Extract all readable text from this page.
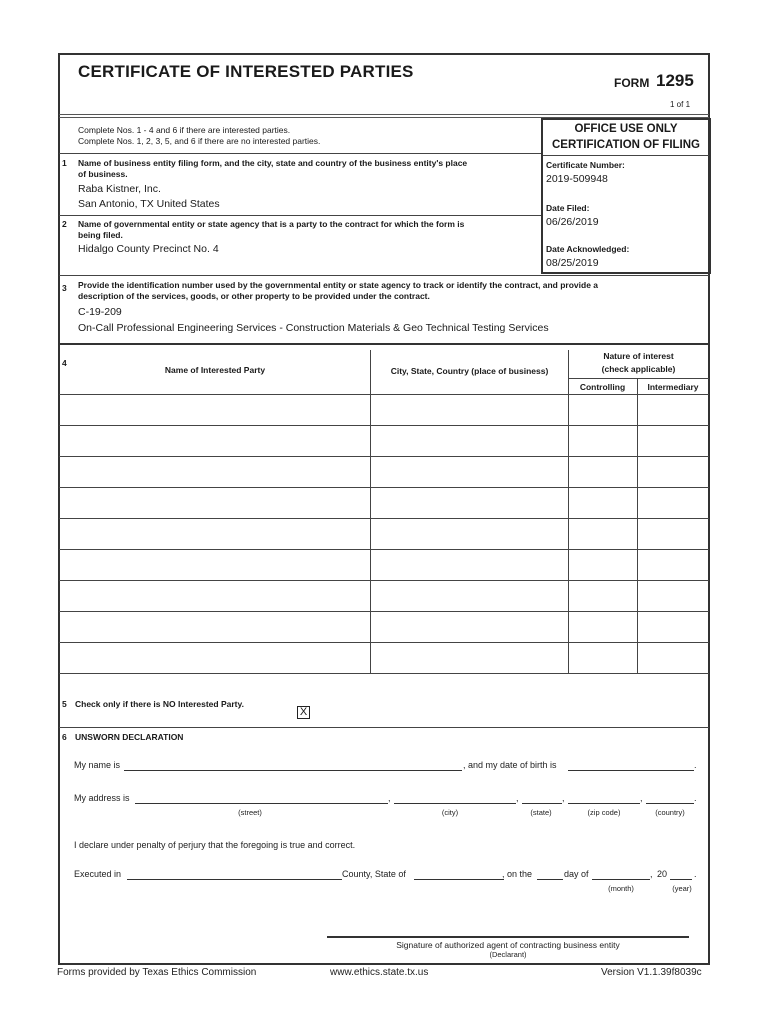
CERTIFICATE OF INTERESTED PARTIES
FORM 1295
1 of 1
Complete Nos. 1 - 4 and 6 if there are interested parties.
Complete Nos. 1, 2, 3, 5, and 6 if there are no interested parties.
OFFICE USE ONLY
CERTIFICATION OF FILING
Certificate Number:
2019-509948
Date Filed:
06/26/2019
Date Acknowledged:
08/25/2019
1 Name of business entity filing form, and the city, state and country of the business entity's place
of business.
Raba Kistner, Inc.
San Antonio, TX United States
2 Name of governmental entity or state agency that is a party to the contract for which the form is
being filed.
Hidalgo County Precinct No. 4
3 Provide the identification number used by the governmental entity or state agency to track or identify the contract, and provide a
description of the services, goods, or other property to be provided under the contract.
C-19-209
On-Call Professional Engineering Services - Construction Materials & Geo Technical Testing Services
4
Name of Interested Party	City, State, Country (place of business)
Nature of interest
(check applicable)
Controlling	Intermediary
5 Check only if there is NO Interested Party.
X
6 UNSWORN DECLARATION
My name is	, and my date of birth is	.
My address is	,	,	,	,	.
(street)	(city)	(state)	(zip code)	(country)
I declare under penalty of perjury that the foregoing is true and correct.
Executed in	County, State of	, on the	day of	, 20	.
(month)	(year)
Signature of authorized agent of contracting business entity
(Declarant)
Forms provided by Texas Ethics Commission	www.ethics.state.tx.us	Version V1.1.39f8039c
